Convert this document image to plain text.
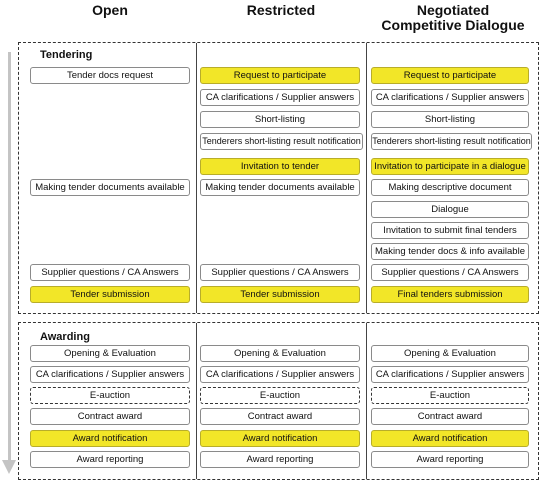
Open	Restricted	Negotiated
Competitive Dialogue
Tendering
Awarding
Tender docs request
Making tender documents available
Supplier questions / CA Answers
Tender submission
Request to participate
CA clarifications / Supplier answers
Short-listing
Tenderers short-listing result notification
Invitation to tender
Making tender documents available
Supplier questions / CA Answers
Tender submission
Request to participate
CA clarifications / Supplier answers
Short-listing
Tenderers short-listing result notification
Invitation to participate in a dialogue
Making descriptive document
Dialogue
Invitation to submit final tenders
Making tender docs & info available
Supplier questions / CA Answers
Final tenders submission
Opening & Evaluation
CA clarifications / Supplier answers
E-auction
Contract award
Award notification
Award reporting
Opening & Evaluation
CA clarifications / Supplier answers
E-auction
Contract award
Award notification
Award reporting
Opening & Evaluation
CA clarifications / Supplier answers
E-auction
Contract award
Award notification
Award reporting
